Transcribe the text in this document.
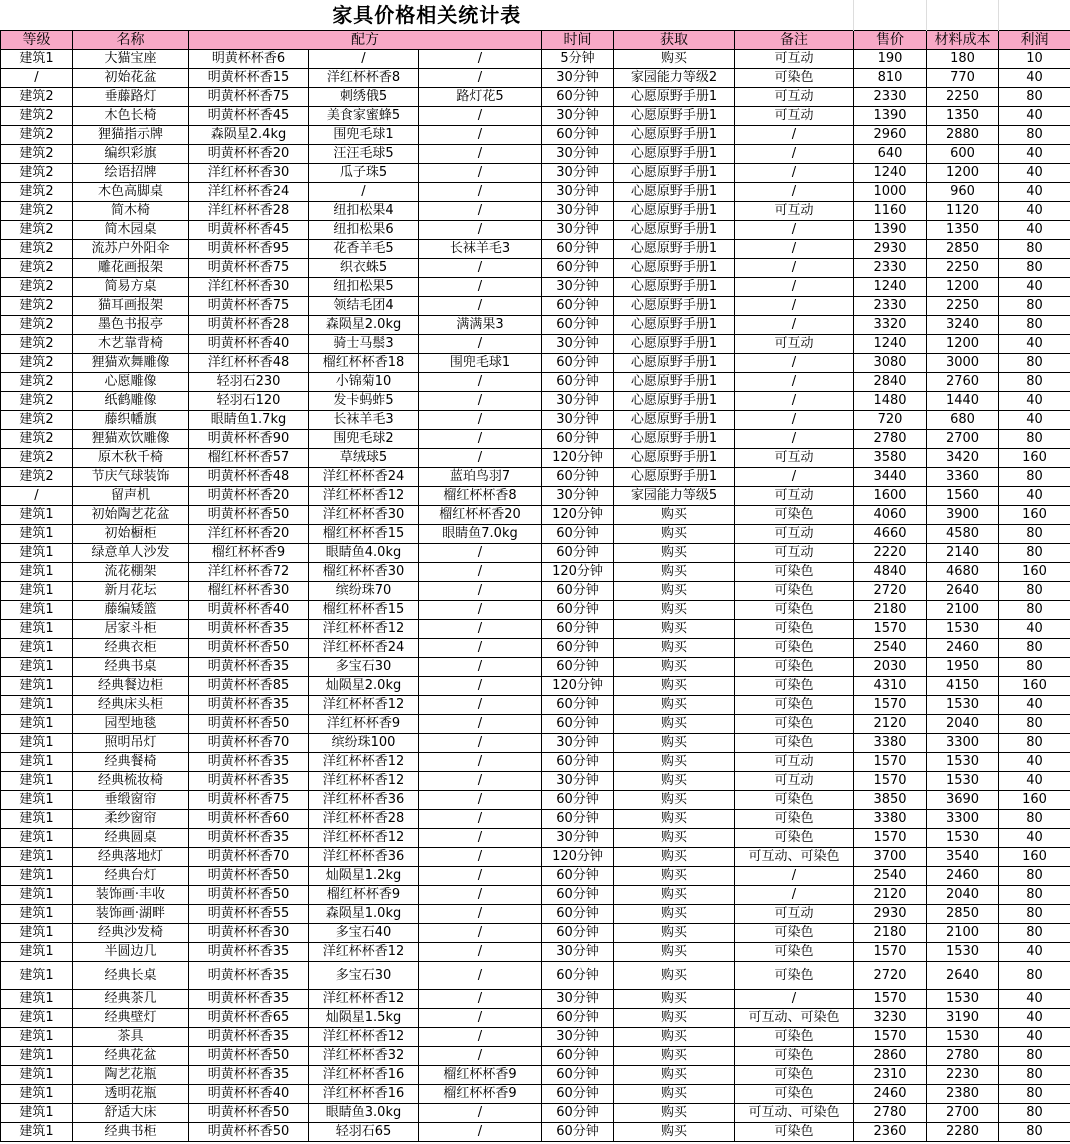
家具价格相关统计表										
等级	名称	配方			时间	获取	备注	售价	材料成本	利润
建筑1	大猫宝座	明黄杯杯香6	/	/	5分钟	购买	可互动	190	180	10
/	初始花盆	明黄杯杯香15	洋红杯杯香8	/	30分钟	家园能力等级2	可染色	810	770	40
建筑2	垂藤路灯	明黄杯杯香75	刺绣俄5	路灯花5	60分钟	心愿原野手册1	可互动	2330	2250	80
建筑2	木色长椅	明黄杯杯香45	美食家蜜蜂5	/	30分钟	心愿原野手册1	可互动	1390	1350	40
建筑2	狸猫指示牌	森陨星2.4kg	围兜毛球1	/	60分钟	心愿原野手册1	/	2960	2880	80
建筑2	编织彩旗	明黄杯杯香20	汪汪毛球5	/	30分钟	心愿原野手册1	/	640	600	40
建筑2	绘语招牌	洋红杯杯香30	瓜子珠5	/	30分钟	心愿原野手册1	/	1240	1200	40
建筑2	木色高脚桌	洋红杯杯香24	/	/	30分钟	心愿原野手册1	/	1000	960	40
建筑2	简木椅	洋红杯杯香28	纽扣松果4	/	30分钟	心愿原野手册1	可互动	1160	1120	40
建筑2	简木园桌	明黄杯杯香45	纽扣松果6	/	30分钟	心愿原野手册1	/	1390	1350	40
建筑2	流苏户外阳伞	明黄杯杯香95	花香羊毛5	长袜羊毛3	60分钟	心愿原野手册1	/	2930	2850	80
建筑2	雕花画报架	明黄杯杯香75	织衣蛛5	/	60分钟	心愿原野手册1	/	2330	2250	80
建筑2	简易方桌	洋红杯杯香30	纽扣松果5	/	30分钟	心愿原野手册1	/	1240	1200	40
建筑2	猫耳画报架	明黄杯杯香75	领结毛团4	/	60分钟	心愿原野手册1	/	2330	2250	80
建筑2	墨色书报亭	明黄杯杯香28	森陨星2.0kg	满满果3	60分钟	心愿原野手册1	/	3320	3240	80
建筑2	木艺靠背椅	明黄杯杯香40	骑士马鬃3	/	30分钟	心愿原野手册1	可互动	1240	1200	40
建筑2	狸猫欢舞雕像	洋红杯杯香48	榴红杯杯香18	围兜毛球1	60分钟	心愿原野手册1	/	3080	3000	80
建筑2	心愿雕像	轻羽石230	小锦菊10	/	60分钟	心愿原野手册1	/	2840	2760	80
建筑2	纸鹤雕像	轻羽石120	发卡蚂蚱5	/	30分钟	心愿原野手册1	/	1480	1440	40
建筑2	藤织幡旗	眼睛鱼1.7kg	长袜羊毛3	/	30分钟	心愿原野手册1	/	720	680	40
建筑2	狸猫欢饮雕像	明黄杯杯香90	围兜毛球2	/	60分钟	心愿原野手册1	/	2780	2700	80
建筑2	原木秋千椅	榴红杯杯香57	草绒球5	/	120分钟	心愿原野手册1	可互动	3580	3420	160
建筑2	节庆气球装饰	明黄杯杯香48	洋红杯杯香24	蓝珀鸟羽7	60分钟	心愿原野手册1	/	3440	3360	80
/	留声机	明黄杯杯香20	洋红杯杯香12	榴红杯杯香8	30分钟	家园能力等级5	可互动	1600	1560	40
建筑1	初始陶艺花盆	明黄杯杯香50	洋红杯杯香30	榴红杯杯香20	120分钟	购买	可染色	4060	3900	160
建筑1	初始橱柜	洋红杯杯香20	榴红杯杯香15	眼睛鱼7.0kg	60分钟	购买	可互动	4660	4580	80
建筑1	绿意单人沙发	榴红杯杯香9	眼睛鱼4.0kg	/	60分钟	购买	可互动	2220	2140	80
建筑1	流花棚架	洋红杯杯香72	榴红杯杯香30	/	120分钟	购买	可染色	4840	4680	160
建筑1	新月花坛	榴红杯杯香30	缤纷珠70	/	60分钟	购买	可染色	2720	2640	80
建筑1	藤编矮篮	明黄杯杯香40	榴红杯杯香15	/	60分钟	购买	可染色	2180	2100	80
建筑1	居家斗柜	明黄杯杯香35	洋红杯杯香12	/	60分钟	购买	可染色	1570	1530	40
建筑1	经典衣柜	明黄杯杯香50	洋红杯杯香24	/	60分钟	购买	可染色	2540	2460	80
建筑1	经典书桌	明黄杯杯香35	多宝石30	/	60分钟	购买	可染色	2030	1950	80
建筑1	经典餐边柜	明黄杯杯香85	灿陨星2.0kg	/	120分钟	购买	可染色	4310	4150	160
建筑1	经典床头柜	明黄杯杯香35	洋红杯杯香12	/	60分钟	购买	可染色	1570	1530	40
建筑1	园型地毯	明黄杯杯香50	洋红杯杯香9	/	60分钟	购买	可染色	2120	2040	80
建筑1	照明吊灯	明黄杯杯香70	缤纷珠100	/	30分钟	购买	可染色	3380	3300	80
建筑1	经典餐椅	明黄杯杯香35	洋红杯杯香12	/	60分钟	购买	可互动	1570	1530	40
建筑1	经典梳妆椅	明黄杯杯香35	洋红杯杯香12	/	30分钟	购买	可互动	1570	1530	40
建筑1	垂缎窗帘	明黄杯杯香75	洋红杯杯香36	/	60分钟	购买	可染色	3850	3690	160
建筑1	柔纱窗帘	明黄杯杯香60	洋红杯杯香28	/	60分钟	购买	可染色	3380	3300	80
建筑1	经典圆桌	明黄杯杯香35	洋红杯杯香12	/	30分钟	购买	可染色	1570	1530	40
建筑1	经典落地灯	明黄杯杯香70	洋红杯杯香36	/	120分钟	购买	可互动、可染色	3700	3540	160
建筑1	经典台灯	明黄杯杯香50	灿陨星1.2kg	/	60分钟	购买	/	2540	2460	80
建筑1	装饰画·丰收	明黄杯杯香50	榴红杯杯香9	/	60分钟	购买	/	2120	2040	80
建筑1	装饰画·湖畔	明黄杯杯香55	森陨星1.0kg	/	60分钟	购买	可互动	2930	2850	80
建筑1	经典沙发椅	明黄杯杯香30	多宝石40	/	60分钟	购买	可染色	2180	2100	80
建筑1	半圆边几	明黄杯杯香35	洋红杯杯香12	/	30分钟	购买	可染色	1570	1530	40
建筑1	经典长桌	明黄杯杯香35	多宝石30	/	60分钟	购买	可染色	2720	2640	80
建筑1	经典茶几	明黄杯杯香35	洋红杯杯香12	/	30分钟	购买	/	1570	1530	40
建筑1	经典壁灯	明黄杯杯香65	灿陨星1.5kg	/	60分钟	购买	可互动、可染色	3230	3190	40
建筑1	茶具	明黄杯杯香35	洋红杯杯香12	/	30分钟	购买	可染色	1570	1530	40
建筑1	经典花盆	明黄杯杯香50	洋红杯杯香32	/	60分钟	购买	可染色	2860	2780	80
建筑1	陶艺花瓶	明黄杯杯香35	洋红杯杯香16	榴红杯杯香9	60分钟	购买	可染色	2310	2230	80
建筑1	透明花瓶	明黄杯杯香40	洋红杯杯香16	榴红杯杯香9	60分钟	购买	可染色	2460	2380	80
建筑1	舒适大床	明黄杯杯香50	眼睛鱼3.0kg	/	60分钟	购买	可互动、可染色	2780	2700	80
建筑1	经典书柜	明黄杯杯香50	轻羽石65	/	60分钟	购买	可染色	2360	2280	80
